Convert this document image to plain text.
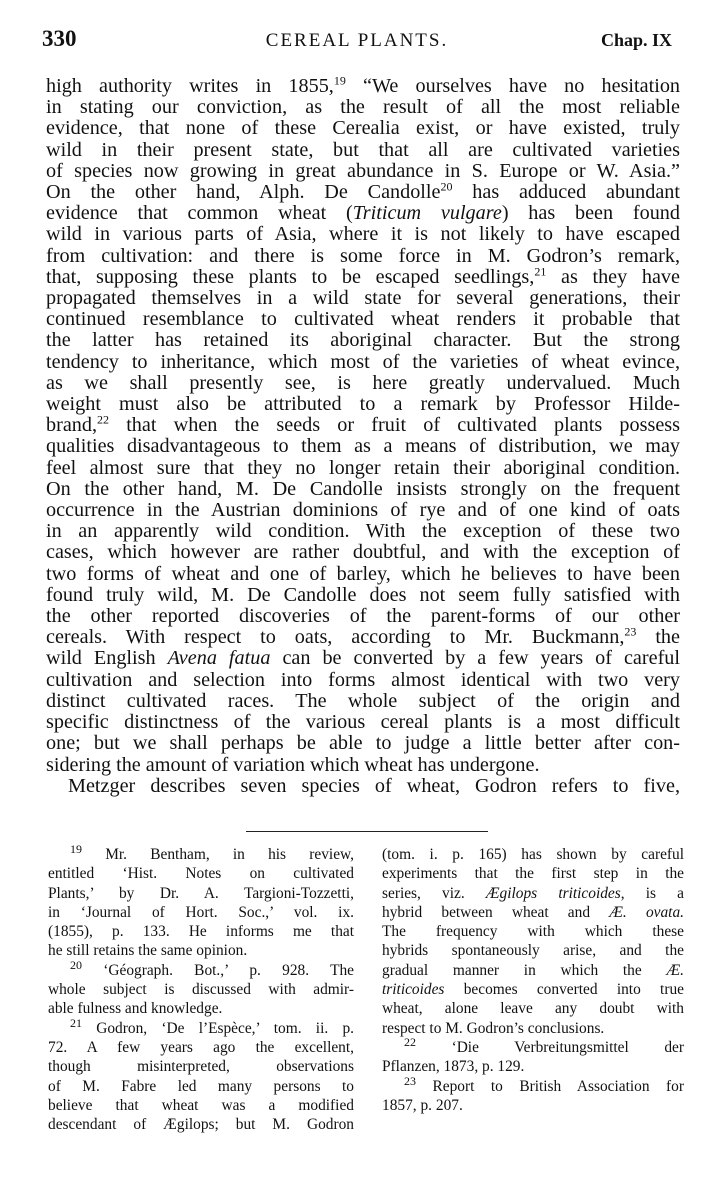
330	CEREAL PLANTS.	Chap. IX
high authority writes in 1855,19 “We ourselves have no hesitation
in stating our conviction, as the result of all the most reliable
evidence, that none of these Cerealia exist, or have existed, truly
wild in their present state, but that all are cultivated varieties
of species now growing in great abundance in S. Europe or W. Asia.”
On the other hand, Alph. De Candolle$^{20}$ has adduced abundant
evidence that common wheat (Triticum vulgare) has been found
wild in various parts of Asia, where it is not likely to have escaped
from cultivation: and there is some force in M. Godron’s remark,
that, supposing these plants to be escaped seedlings,$^{21}$ as they have
propagated themselves in a wild state for several generations, their
continued resemblance to cultivated wheat renders it probable that
the latter has retained its aboriginal character. But the strong
tendency to inheritance, which most of the varieties of wheat evince,
as we shall presently see, is here greatly undervalued. Much
weight must also be attributed to a remark by Professor Hilde-
brand,$^{22}$ that when the seeds or fruit of cultivated plants possess
qualities disadvantageous to them as a means of distribution, we may
feel almost sure that they no longer retain their aboriginal condition.
On the other hand, M. De Candolle insists strongly on the frequent
occurrence in the Austrian dominions of rye and of one kind of oats
in an apparently wild condition. With the exception of these two
cases, which however are rather doubtful, and with the exception of
two forms of wheat and one of barley, which he believes to have been
found truly wild, M. De Candolle does not seem fully satisfied with
the other reported discoveries of the parent-forms of our other
cereals. With respect to oats, according to Mr. Buckmann,$^{23}$ the
wild English Avena fatua can be converted by a few years of careful
cultivation and selection into forms almost identical with two very
distinct cultivated races. The whole subject of the origin and
specific distinctness of the various cereal plants is a most difficult
one; but we shall perhaps be able to judge a little better after con-
sidering the amount of variation which wheat has undergone.
Metzger describes seven species of wheat, Godron refers to five,
$^{19}$ Mr. Bentham, in his review,
entitled ‘Hist. Notes on cultivated
Plants,’ by Dr. A. Targioni-Tozzetti,
in ‘Journal of Hort. Soc.,’ vol. ix.
(1855), p. 133. He informs me that
he still retains the same opinion.
$^{20}$ ‘Géograph. Bot.,’ p. 928. The
whole subject is discussed with admir-
able fulness and knowledge.
$^{21}$ Godron, ‘De l’Espèce,’ tom. ii. p.
72. A few years ago the excellent,
though misinterpreted, observations
of M. Fabre led many persons to
believe that wheat was a modified
descendant of Ægilops; but M. Godron
(tom. i. p. 165) has shown by careful
experiments that the first step in the
series, viz. Ægilops triticoides, is a
hybrid between wheat and Æ. ovata.
The frequency with which these
hybrids spontaneously arise, and the
gradual manner in which the Æ.
triticoides becomes converted into true
wheat, alone leave any doubt with
respect to M. Godron’s conclusions.
$^{22}$ ‘Die Verbreitungsmittel der
Pflanzen, 1873, p. 129.
$^{23}$ Report to British Association for
1857, p. 207.
